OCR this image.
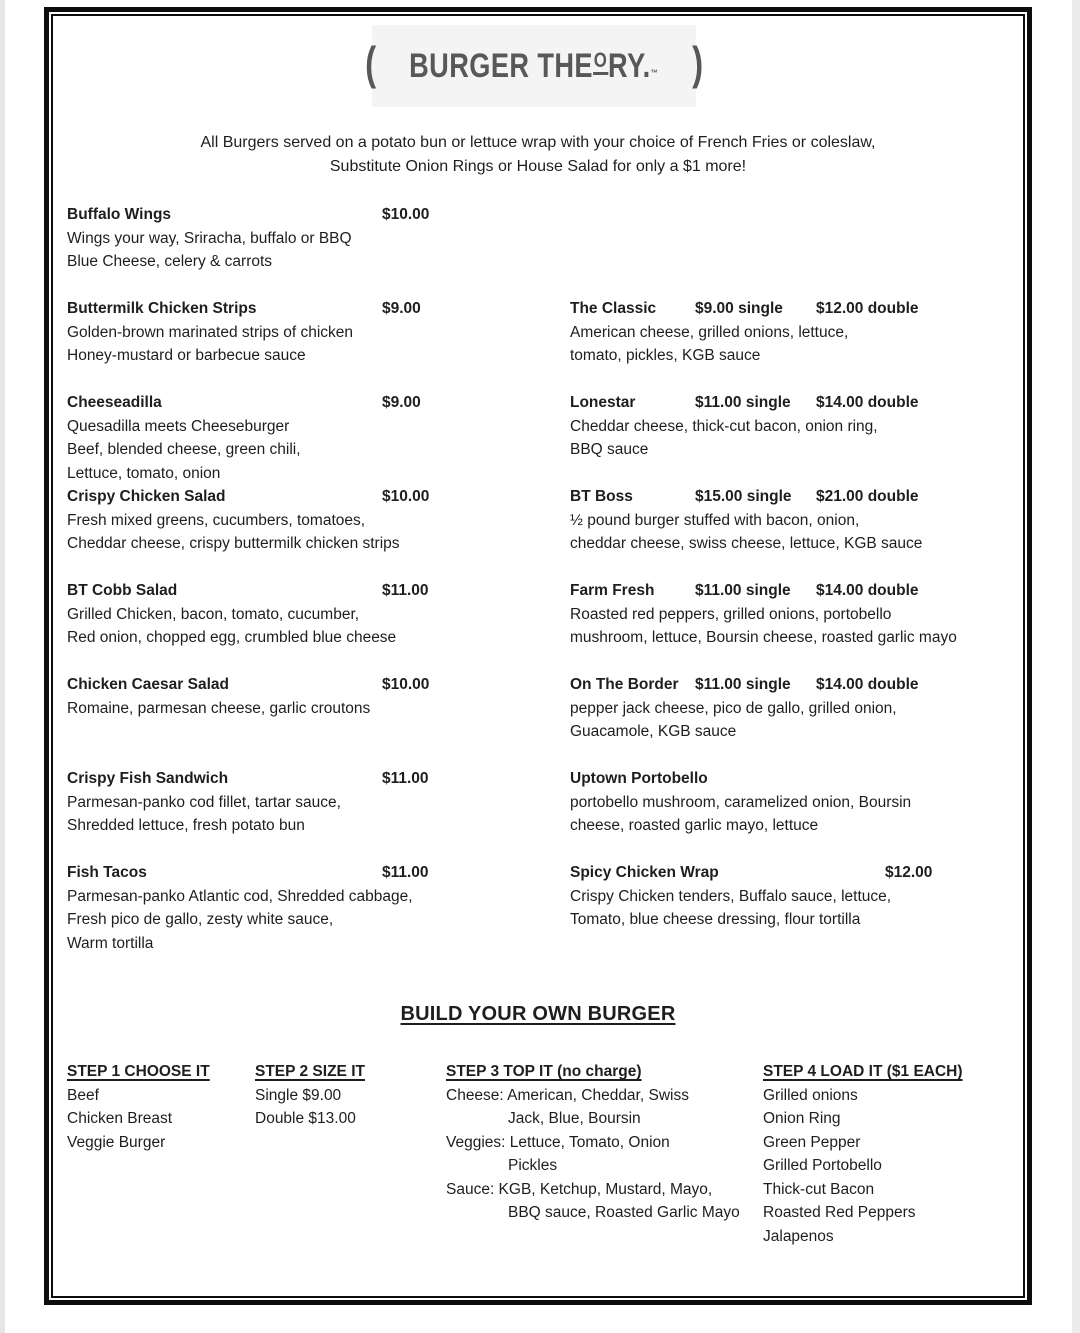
( BURGER THEORY.™ )
All Burgers served on a potato bun or lettuce wrap with your choice of French Fries or coleslaw,
Substitute Onion Rings or House Salad for only a $1 more!
Buffalo Wings	$10.00
Wings your way, Sriracha, buffalo or BBQ
Blue Cheese, celery & carrots
Buttermilk Chicken Strips	$9.00
Golden-brown marinated strips of chicken
Honey-mustard or barbecue sauce
Cheeseadilla	$9.00
Quesadilla meets Cheeseburger
Beef, blended cheese, green chili,
Lettuce, tomato, onion
Crispy Chicken Salad	$10.00
Fresh mixed greens, cucumbers, tomatoes,
Cheddar cheese, crispy buttermilk chicken strips
BT Cobb Salad	$11.00
Grilled Chicken, bacon, tomato, cucumber,
Red onion, chopped egg, crumbled blue cheese
Chicken Caesar Salad	$10.00
Romaine, parmesan cheese, garlic croutons
Crispy Fish Sandwich	$11.00
Parmesan-panko cod fillet, tartar sauce,
Shredded lettuce, fresh potato bun
Fish Tacos	$11.00
Parmesan-panko Atlantic cod, Shredded cabbage,
Fresh pico de gallo, zesty white sauce,
Warm tortilla
The Classic	$9.00 single $12.00 double
American cheese, grilled onions, lettuce,
tomato, pickles, KGB sauce
Lonestar	$11.00 single $14.00 double
Cheddar cheese, thick-cut bacon, onion ring,
BBQ sauce
BT Boss	$15.00 single $21.00 double
½ pound burger stuffed with bacon, onion,
cheddar cheese, swiss cheese, lettuce, KGB sauce
Farm Fresh	$11.00 single $14.00 double
Roasted red peppers, grilled onions, portobello
mushroom, lettuce, Boursin cheese, roasted garlic mayo
On The Border $11.00 single $14.00 double
pepper jack cheese, pico de gallo, grilled onion,
Guacamole, KGB sauce
Uptown Portobello
portobello mushroom, caramelized onion, Boursin
cheese, roasted garlic mayo, lettuce
Spicy Chicken Wrap	$12.00
Crispy Chicken tenders, Buffalo sauce, lettuce,
Tomato, blue cheese dressing, flour tortilla
BUILD YOUR OWN BURGER
STEP 1 CHOOSE IT
Beef
Chicken Breast
Veggie Burger
STEP 2 SIZE IT
Single $9.00
Double $13.00
STEP 3 TOP IT (no charge)
Cheese: American, Cheddar, Swiss
Jack, Blue, Boursin
Veggies: Lettuce, Tomato, Onion
Pickles
Sauce: KGB, Ketchup, Mustard, Mayo,
BBQ sauce, Roasted Garlic Mayo
STEP 4 LOAD IT ($1 EACH)
Grilled onions
Onion Ring
Green Pepper
Grilled Portobello
Thick-cut Bacon
Roasted Red Peppers
Jalapenos
